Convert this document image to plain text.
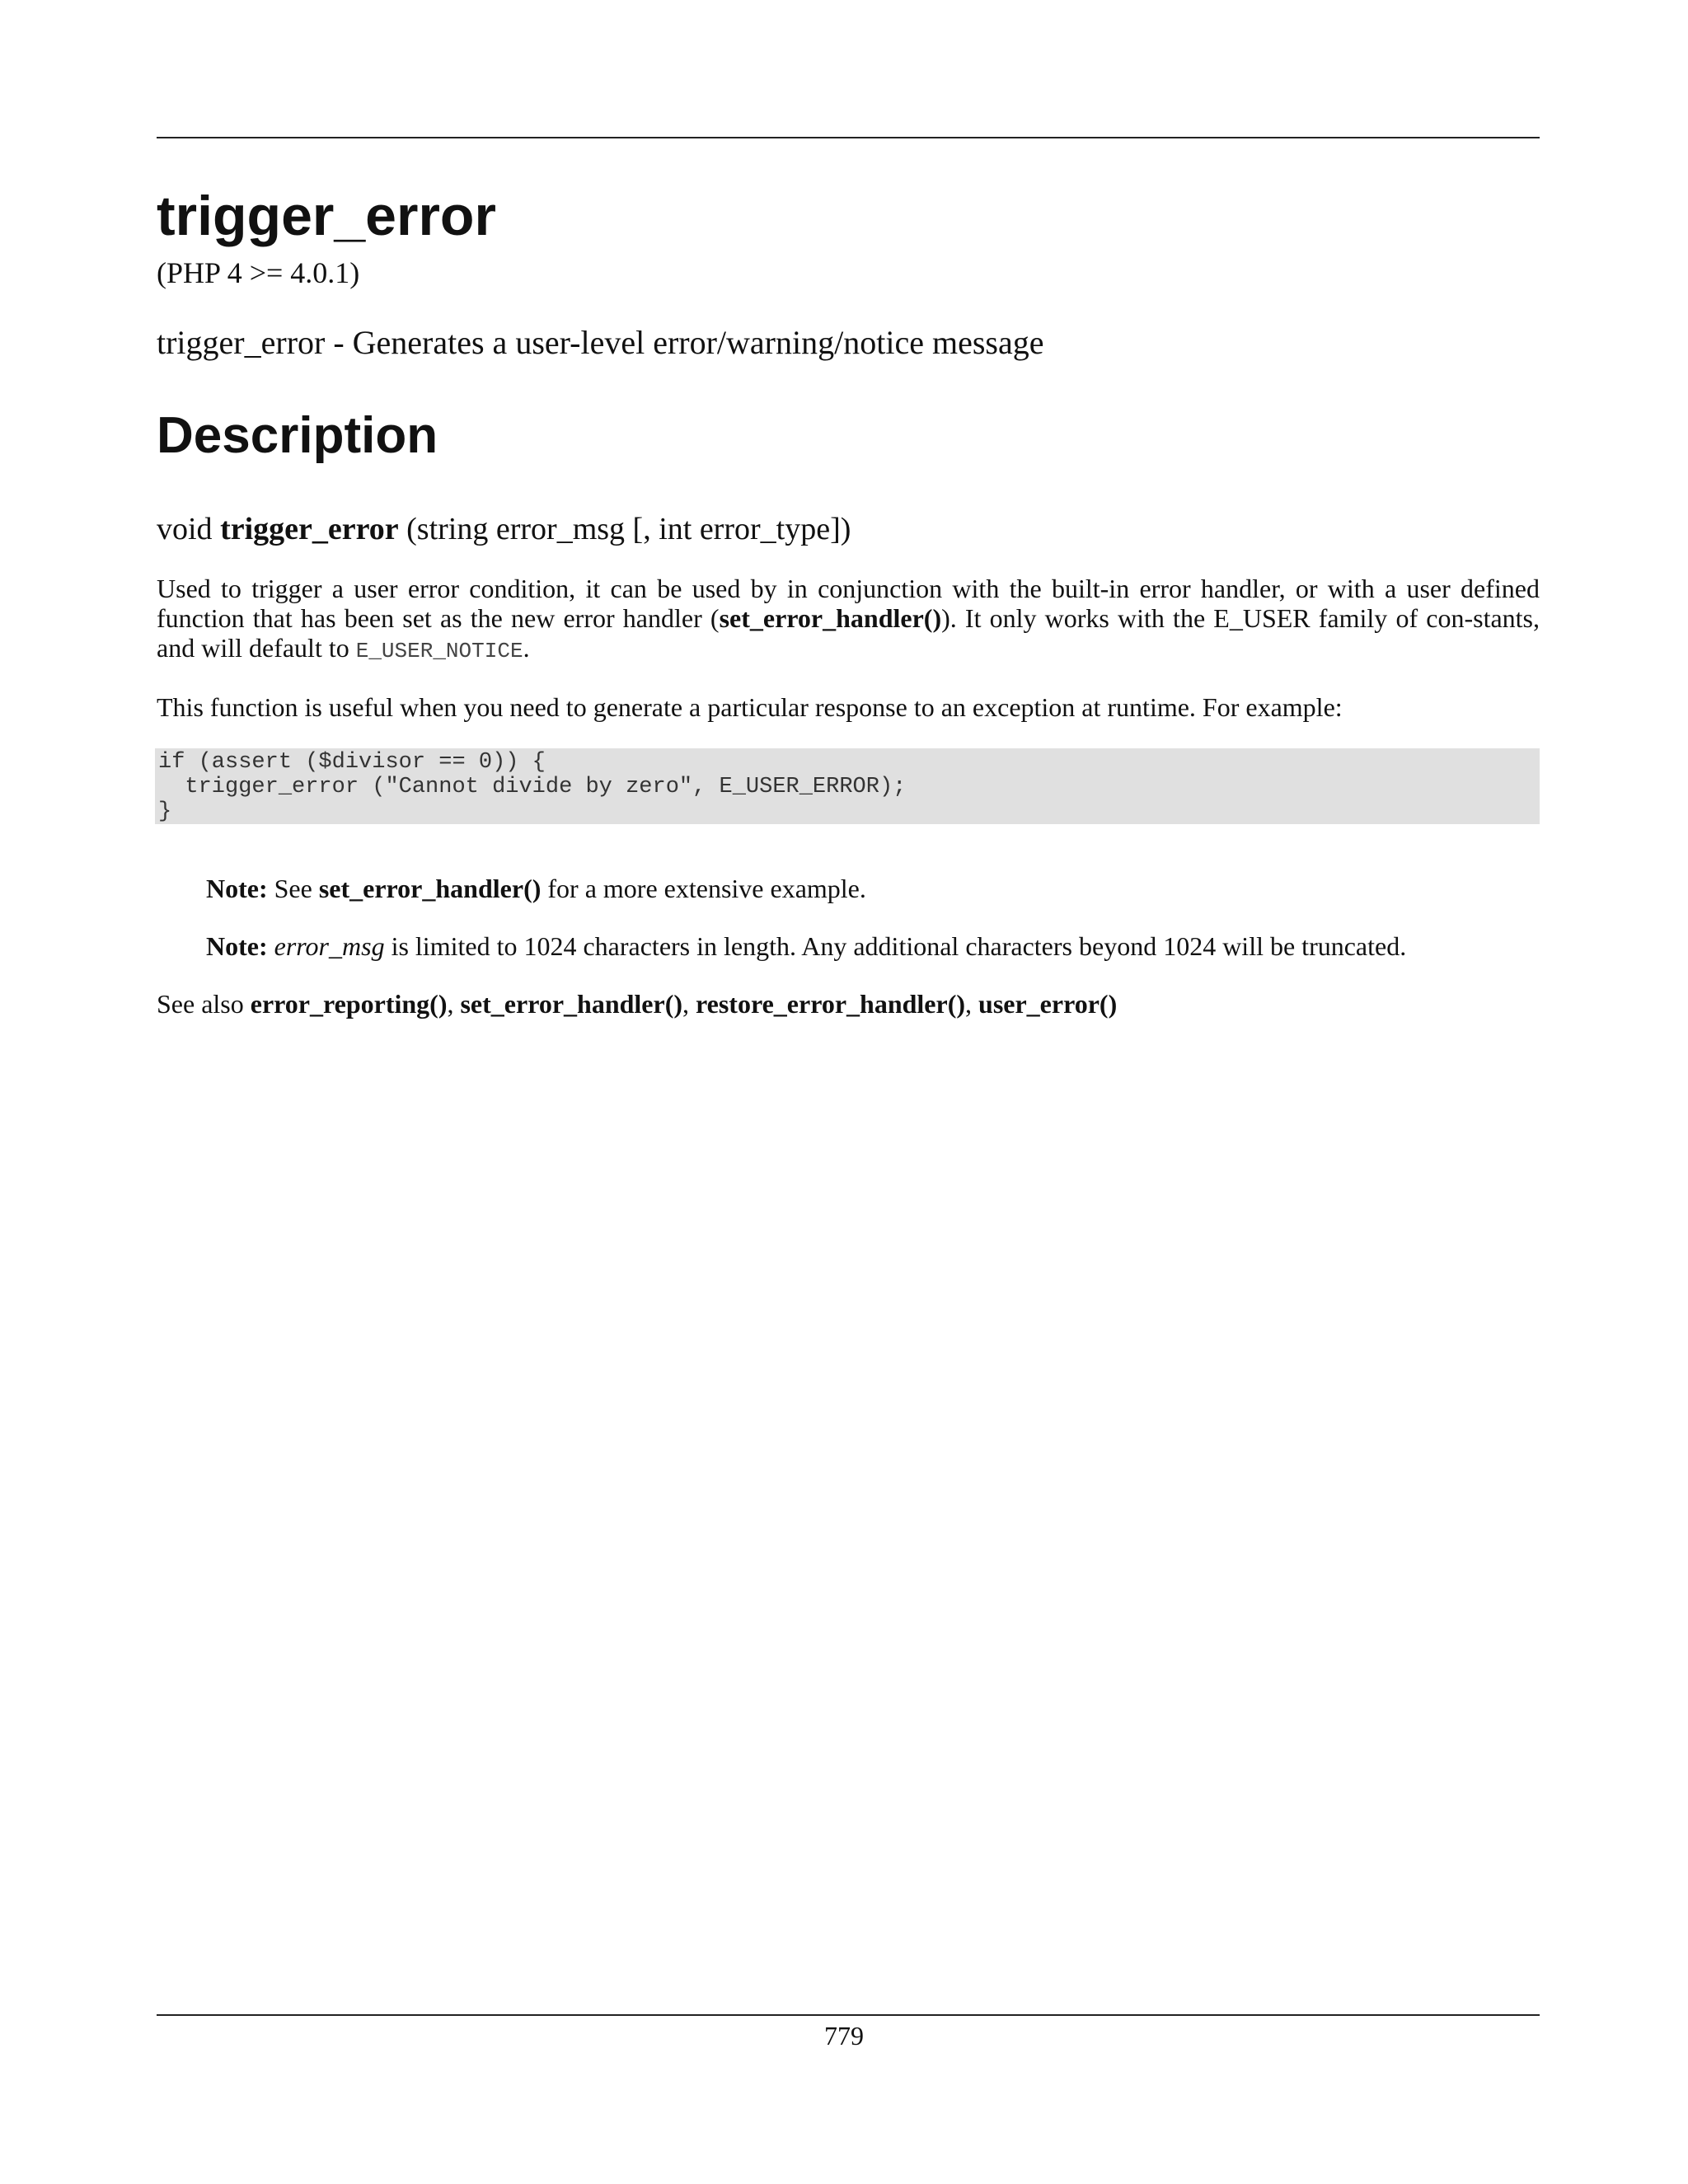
trigger_error
(PHP 4 >= 4.0.1)
trigger_error - Generates a user-level error/warning/notice message
Description
void trigger_error (string error_msg [, int error_type])
Used to trigger a user error condition, it can be used by in conjunction with the built-in error handler, or with a user defined function that has been set as the new error handler (set_error_handler()). It only works with the E_USER family of con-stants, and will default to E_USER_NOTICE.
This function is useful when you need to generate a particular response to an exception at runtime. For example:
if (assert ($divisor == 0)) {
trigger_error ("Cannot divide by zero", E_USER_ERROR);
}
Note: See set_error_handler() for a more extensive example.
Note: error_msg is limited to 1024 characters in length. Any additional characters beyond 1024 will be truncated.
See also error_reporting(), set_error_handler(), restore_error_handler(), user_error()
779
